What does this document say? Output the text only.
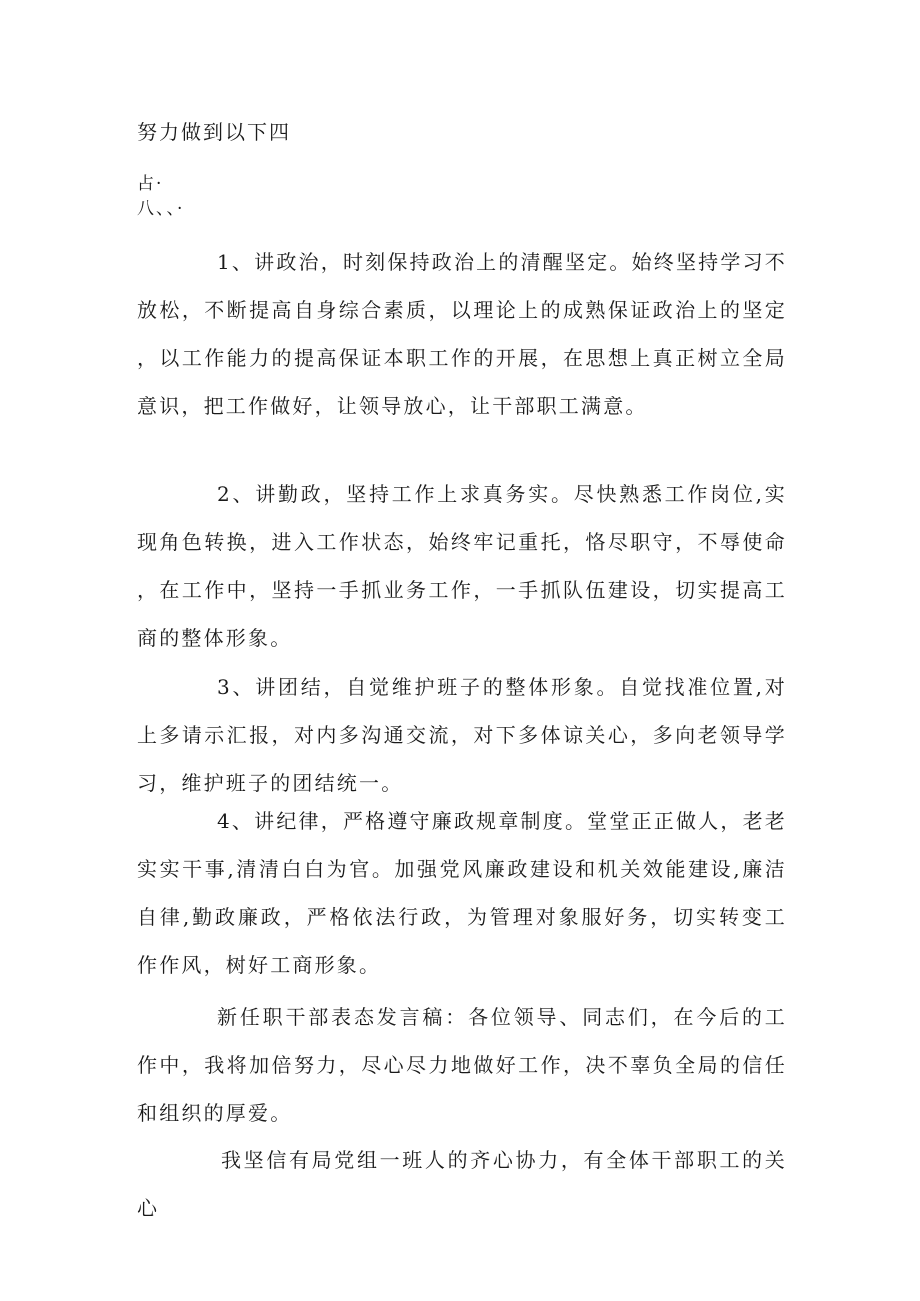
努力做到以下四
占·
八、、·

1、讲政治，时刻保持政治上的清醒坚定。始终坚持学习不放松，不断提高自身综合素质，以理论上的成熟保证政治上的坚定，以工作能力的提高保证本职工作的开展，在思想上真正树立全局意识，把工作做好，让领导放心，让干部职工满意。

2、讲勤政，坚持工作上求真务实。尽快熟悉工作岗位,实现角色转换，进入工作状态，始终牢记重托，恪尽职守，不辱使命，在工作中，坚持一手抓业务工作，一手抓队伍建设，切实提高工商的整体形象。

3、讲团结，自觉维护班子的整体形象。自觉找准位置,对上多请示汇报，对内多沟通交流，对下多体谅关心，多向老领导学习，维护班子的团结统一。

4、讲纪律，严格遵守廉政规章制度。堂堂正正做人，老老实实干事,清清白白为官。加强党风廉政建设和机关效能建设,廉洁自律,勤政廉政，严格依法行政，为管理对象服好务，切实转变工作作风，树好工商形象。

新任职干部表态发言稿：各位领导、同志们，在今后的工作中，我将加倍努力，尽心尽力地做好工作，决不辜负全局的信任和组织的厚爱。

我坚信有局党组一班人的齐心协力，有全体干部职工的关心
